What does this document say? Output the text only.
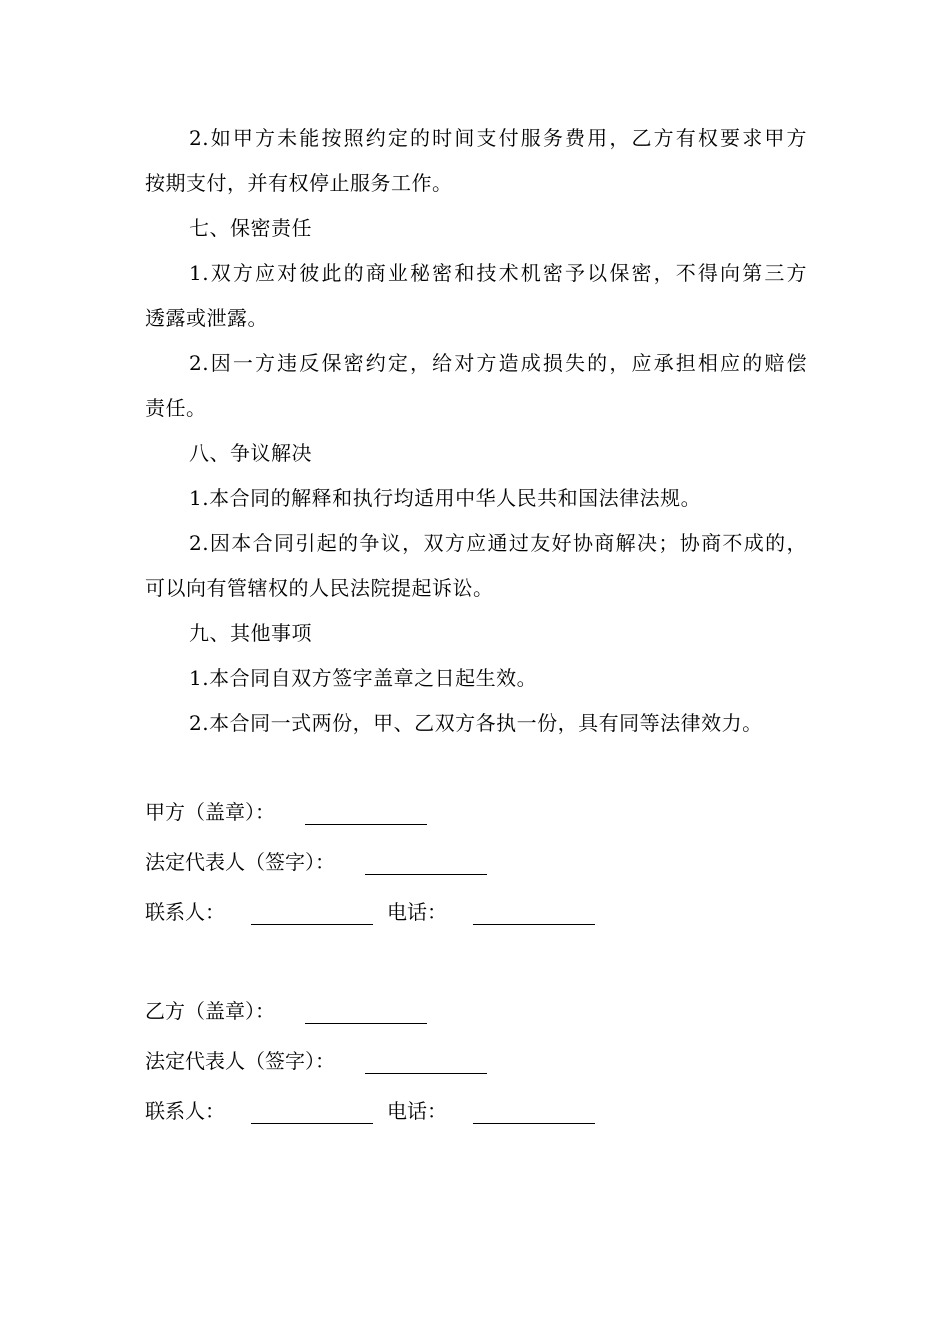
2.如甲方未能按照约定的时间支付服务费用，乙方有权要求甲方
按期支付，并有权停止服务工作。
七、保密责任
1.双方应对彼此的商业秘密和技术机密予以保密，不得向第三方
透露或泄露。
2.因一方违反保密约定，给对方造成损失的，应承担相应的赔偿
责任。
八、争议解决
1.本合同的解释和执行均适用中华人民共和国法律法规。
2.因本合同引起的争议，双方应通过友好协商解决；协商不成的，
可以向有管辖权的人民法院提起诉讼。
九、其他事项
1.本合同自双方签字盖章之日起生效。
2.本合同一式两份，甲、乙双方各执一份，具有同等法律效力。
甲方（盖章）：
法定代表人（签字）：
联系人：	电话：
乙方（盖章）：
法定代表人（签字）：
联系人：	电话：
